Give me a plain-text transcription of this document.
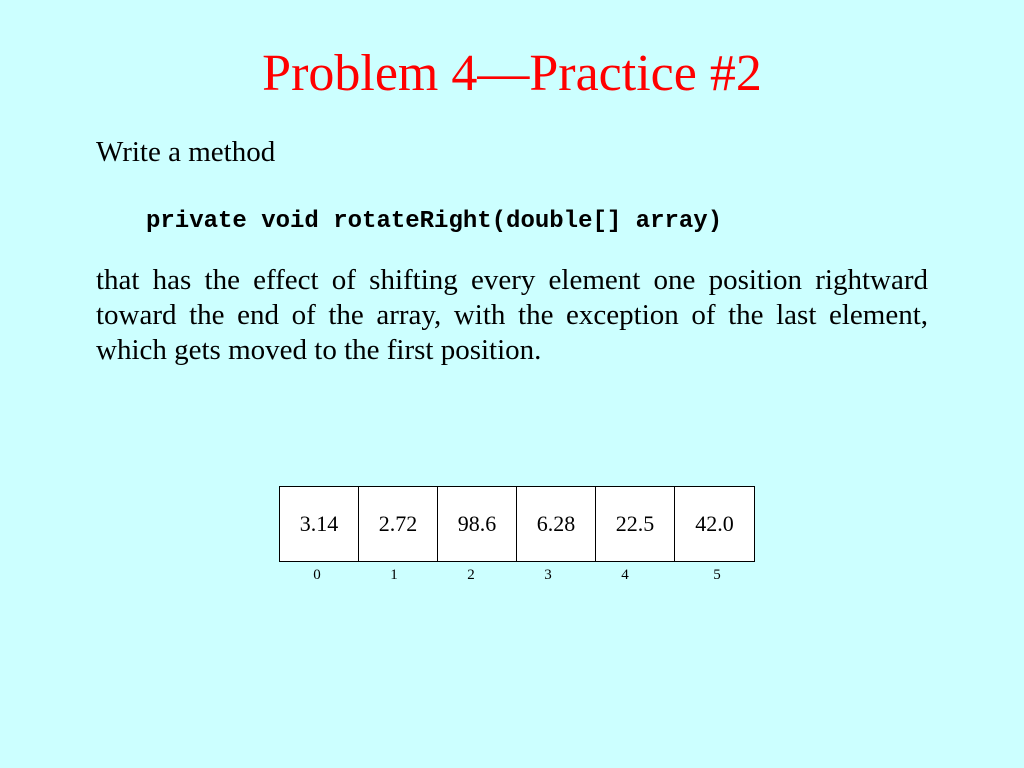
Problem 4—Practice #2
Write a method
private void rotateRight(double[] array)
that has the effect of shifting every element one position rightward toward the end of the array, with the exception of the last element, which gets moved to the first position.
3.14	2.72	98.6	6.28	22.5	42.0
0	1	2	3	4	5
